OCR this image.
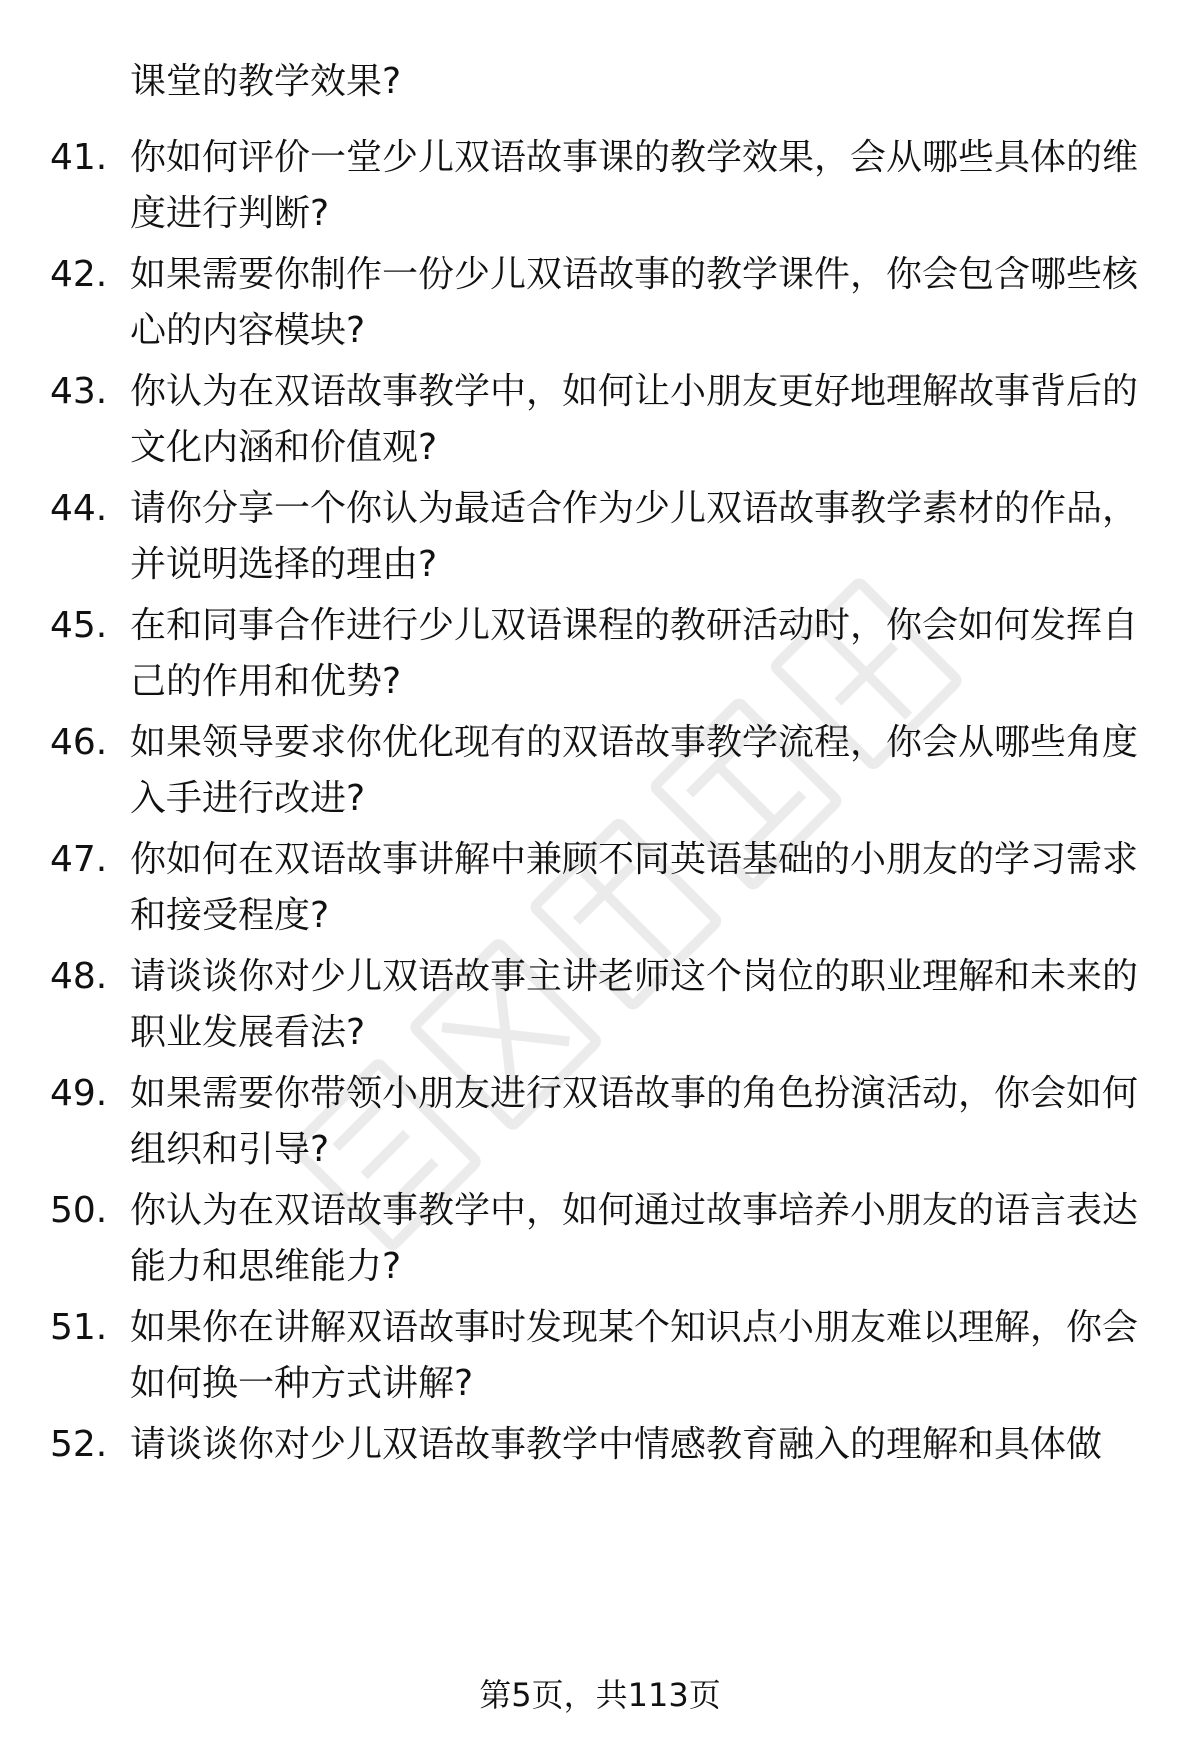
课堂的教学效果?
41. 你如何评价一堂少儿双语故事课的教学效果，会从哪些具体的维
度进行判断?
42. 如果需要你制作一份少儿双语故事的教学课件，你会包含哪些核
心的内容模块?
43. 你认为在双语故事教学中，如何让小朋友更好地理解故事背后的
文化内涵和价值观?
44. 请你分享一个你认为最适合作为少儿双语故事教学素材的作品，
并说明选择的理由?
45. 在和同事合作进行少儿双语课程的教研活动时，你会如何发挥自
己的作用和优势?
46. 如果领导要求你优化现有的双语故事教学流程，你会从哪些角度
入手进行改进?
47. 你如何在双语故事讲解中兼顾不同英语基础的小朋友的学习需求
和接受程度?
48. 请谈谈你对少儿双语故事主讲老师这个岗位的职业理解和未来的
职业发展看法?
49. 如果需要你带领小朋友进行双语故事的角色扮演活动，你会如何
组织和引导?
50. 你认为在双语故事教学中，如何通过故事培养小朋友的语言表达
能力和思维能力?
51. 如果你在讲解双语故事时发现某个知识点小朋友难以理解，你会
如何换一种方式讲解?
52. 请谈谈你对少儿双语故事教学中情感教育融入的理解和具体做
第5页，共113页
